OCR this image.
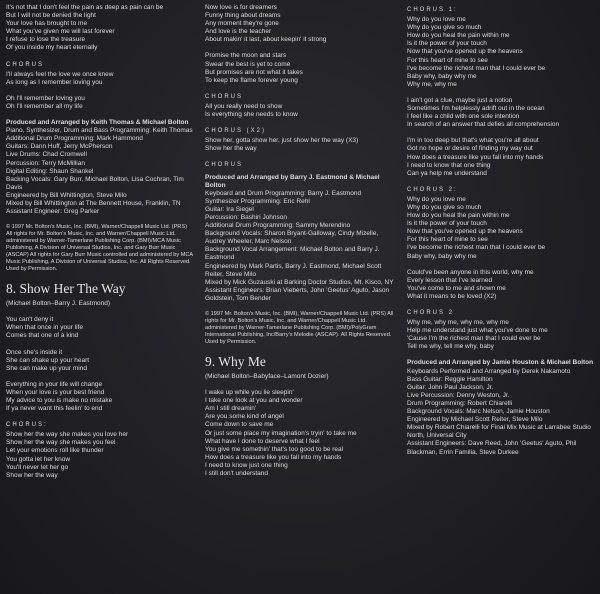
It's not that I don't feel the pain as deep as pain can be
But I will not be denied the light
Your love has brought to me
What you've given me will last forever
I refuse to lose the treasure
Of you inside my heart eternally
CHORUS
I'll always feel the love we once knew
As long as I remember loving you
Oh I'll remember loving you
Oh I'll remember all my life
Produced and Arranged by Keith Thomas & Michael Bolton
Piano, Synthesizer, Drum and Bass Programming: Keith Thomas
Additional Drum Programming: Mark Hammond
Guitars: Dann Huff, Jerry McPherson
Live Drums: Chad Cromwell
Percussion: Terry McMillian
Digital Editing: Shaun Shankel
Backing Vocals: Gary Burr, Michael Bolton, Lisa Cochran, Tim Davis
Engineered by Bill Whittington, Steve Milo
Mixed by Bill Whittington at The Bennett House, Franklin, TN
Assistant Engineer: Greg Parker
© 1997 Mr. Bolton's Music, Inc. (BMI), Warner/Chappell Music Ltd. (PRS) All rights for Mr. Bolton's Music, Inc. and Warner/Chappell Music Ltd. administered by Warner-Tamerlane Publishing Corp. (BMI)/MCA Music Publishing, A Division of Universal Studios, Inc. and Gary Burr Music (ASCAP) All rights for Gary Burr Music controlled and administered by MCA Music Publishing, A Division of Universal Studios, Inc. All Rights Reserved. Used by Permission.
8. Show Her The Way
(Michael Bolton–Barry J. Eastmond)
You can't deny it
When that once in your life
Comes that one of a kind
Once she's inside it
She can shake up your heart
She can make up your mind
Everything in your life will change
When your love is your best friend
My advice to you is make no mistake
If ya never want this feelin' to end
CHORUS:
Show her the way she makes you love her
Show her the way she makes you feel
Let your emotions roll like thunder
You gotta let her know
You'll never let her go
Show her the way
Now love is for dreamers
Funny thing about dreams
Any moment they're gone
And love is the teacher
About makin' it last, about keepin' it strong
Promise the moon and stars
Swear the best is yet to come
But promises are not what it takes
To keep the flame forever young
CHORUS
All you really need to show
Is everything she needs to know
CHORUS (X2)
Show her, gotta show her, just show her the way (X3)
Show her the way
CHORUS
Produced and Arranged by Barry J. Eastmond & Michael Bolton
Keyboard and Drum Programming: Barry J. Eastmond
Synthesizer Programming: Eric Rehl
Guitar: Ira Siegel
Percussion: Bashiri Johnson
Additional Drum Programming: Sammy Merendino
Background Vocals: Sharon Bryant-Galloway, Cindy Mizelle, Audrey Wheeler, Marc Nelson
Background Vocal Arrangement: Michael Bolton and Barry J. Eastmond
Engineered by Mark Partis, Barry J. Eastmond, Michael Scott Reiter, Steve Milo
Mixed by Mick Guzauski at Barking Doctor Studios, Mt. Kisco, NY
Assistant Engineers: Brian Vieberts, John 'Geetus' Aguto, Jason Goldstein, Tom Bender
© 1997 Mr. Bolton's Music, Inc. (BMI), Warner/Chappell Music Ltd. (PRS) All rights for Mr. Bolton's Music, Inc. and Warner/Chappell Music Ltd. administered by Warner-Tamerlane Publishing Corp. (BMI)/PolyGram International Publishing, Inc/Barry's Melodie (ASCAP). All Rights Reserved. Used by Permission.
9. Why Me
(Michael Bolton–Babyface–Lamont Dozier)
I wake up while you lie sleepin'
I take one look at you and wonder
Am I still dreamin'
Are you some kind of angel
Come down to save me
Or just some place my imagination's tryin' to take me
What have I done to deserve what I feel
You give me somethin' that's too good to be real
How does a treasure like you fall into my hands
I need to know just one thing
I still don't understand
CHORUS 1:
Why do you love me
Why do you give so much
How do you heal the pain within me
Is it the power of your touch
Now that you've opened up the heavens
For this heart of mine to see
I've become the richest man that I could ever be
Baby why, baby why me
Why me, why me
I ain't got a clue, maybe just a notion
Sometimes I'm helplessly adrift out in the ocean
I feel like a child with one sole intention
In search of an answer that defies all comprehension
I'm in too deep but that's what you're all about
Got no hope or desire of finding my way out
How does a treasure like you fall into my hands
I need to know that one thing
Can ya help me understand
CHORUS 2:
Why do you love me
Why do you give so much
How do you heal the pain within me
Is it the power of your touch
Now that you've opened up the heavens
For this heart of mine to see
I've become the richest man that I could ever be
Baby why, baby why me
Could've been anyone in this world, why me
Every lesson that I've learned
You've come to me and shown me
What it means to be loved (X2)
CHORUS 2
Why me, why me, why me, why me
Help me understand just what you've done to me
'Cause I'm the richest man that I could ever be
Tell me why, tell me why, baby
Produced and Arranged by Jamie Houston & Michael Bolton
Keyboards Performed and Arranged by Derek Nakamoto
Bass Guitar: Reggie Hamilton
Guitar: John Paul Jackson, Jr.
Live Percussion: Denny Weston, Jr.
Drum Programming: Robert Chiarelli
Background Vocals: Marc Nelson, Jamie Houston
Engineered by Michael Scott Reiter, Steve Milo
Mixed by Robert Chiarelli for Final Mix Music at Larrabee Studio North, Universal City
Assistant Engineers: Dave Reed, John 'Geetus' Aguto, Phil Blackman, Errin Familia, Steve Durkee
